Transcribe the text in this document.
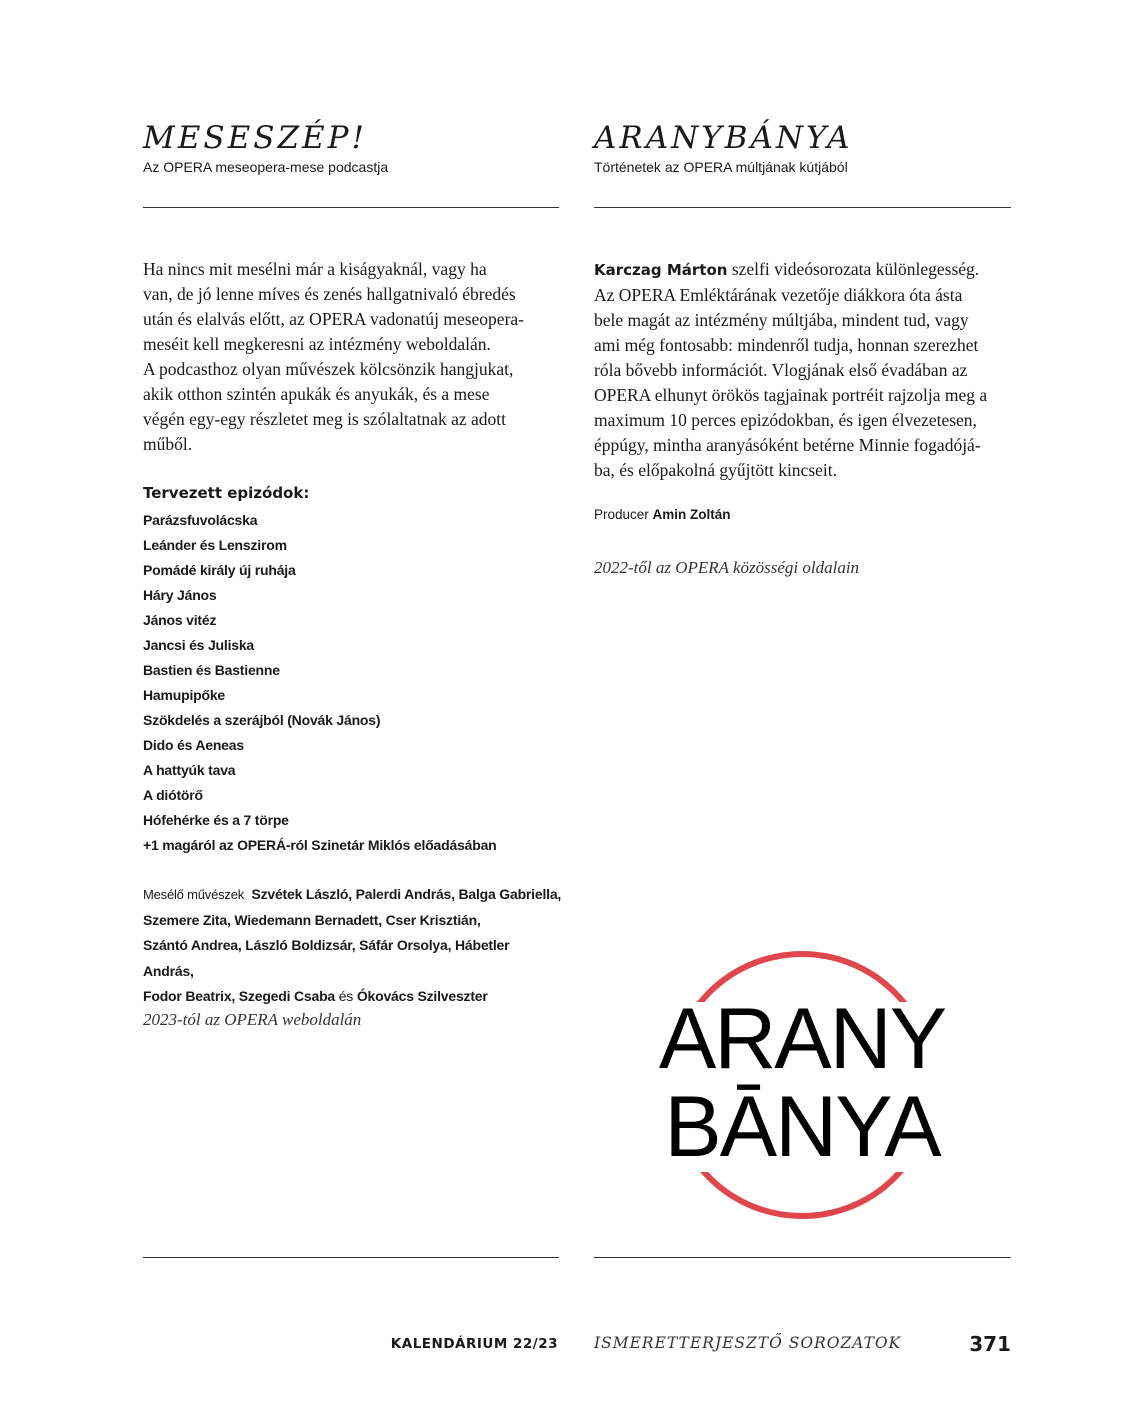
MESESZÉP!

Az OPERA meseopera-mese podcastja

ARANYBÁNYA

Történetek az OPERA múltjának kútjából

Ha nincs mit mesélni már a kiságyaknál, vagy ha

van, de jó lenne míves és zenés hallgatnivaló ébredés

után és elalvás előtt, az OPERA vadonatúj meseopera-

meséit kell megkeresni az intézmény weboldalán.

A podcasthoz olyan művészek kölcsönzik hangjukat,

akik otthon szintén apukák és anyukák, és a mese

végén egy-egy részletet meg is szólaltatnak az adott

műből.

Tervezett epizódok:
Parázsfuvolácska
Leánder és Lenszirom
Pomádé király új ruhája
Háry János
János vitéz
Jancsi és Juliska
Bastien és Bastienne
Hamupipőke
Szökdelés a szerájból (Novák János)
Dido és Aeneas
A hattyúk tava
A diótörő
Hófehérke és a 7 törpe
+1 magáról az OPERÁ-ról Szinetár Miklós előadásában
Mesélő művészek Szvétek László, Palerdi András, Balga Gabriella,
Szemere Zita, Wiedemann Bernadett, Cser Krisztián,
Szántó Andrea, László Boldizsár, Sáfár Orsolya, Hábetler András,
Fodor Beatrix, Szegedi Csaba és Ókovács Szilveszter
2023-tól az OPERA weboldalán

Karczag Márton szelfi videósorozata különlegesség.

Az OPERA Emléktárának vezetője diákkora óta ásta

bele magát az intézmény múltjába, mindent tud, vagy

ami még fontosabb: mindenről tudja, honnan szerezhet

róla bővebb információt. Vlogjának első évadában az

OPERA elhunyt örökös tagjainak portréit rajzolja meg a

maximum 10 perces epizódokban, és igen élvezetesen,

éppúgy, mintha aranyásóként betérne Minnie fogadójá-

ba, és előpakolná gyűjtött kincseit.

Producer Amin Zoltán
2022-től az OPERA közösségi oldalain
ARANY
BĀNYA
KALENDÁRIUM 22/23 ISMERETTERJESZTŐ SOROZATOK	371
